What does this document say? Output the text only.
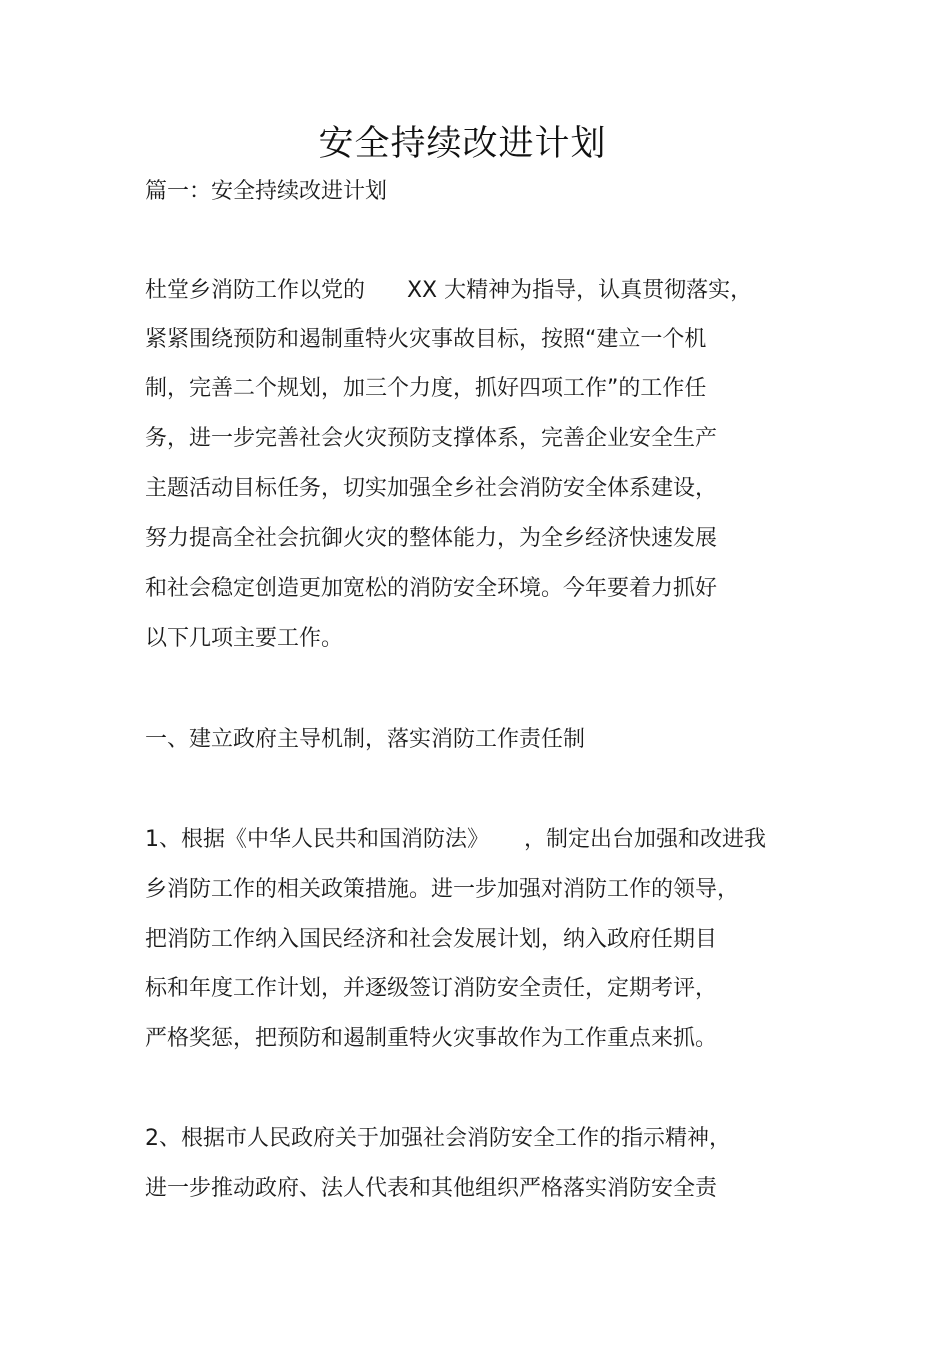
安全持续改进计划
篇一：安全持续改进计划
杜堂乡消防工作以党的      XX 大精神为指导，认真贯彻落实，
紧紧围绕预防和遏制重特火灾事故目标，按照“建立一个机
制，完善二个规划，加三个力度，抓好四项工作”的工作任
务，进一步完善社会火灾预防支撑体系，完善企业安全生产
主题活动目标任务，切实加强全乡社会消防安全体系建设，
努力提高全社会抗御火灾的整体能力，为全乡经济快速发展
和社会稳定创造更加宽松的消防安全环境。今年要着力抓好
以下几项主要工作。
一、建立政府主导机制，落实消防工作责任制
1、根据《中华人民共和国消防法》     ，制定出台加强和改进我
乡消防工作的相关政策措施。进一步加强对消防工作的领导，
把消防工作纳入国民经济和社会发展计划，纳入政府任期目
标和年度工作计划，并逐级签订消防安全责任，定期考评，
严格奖惩，把预防和遏制重特火灾事故作为工作重点来抓。
2、根据市人民政府关于加强社会消防安全工作的指示精神，
进一步推动政府、法人代表和其他组织严格落实消防安全责
